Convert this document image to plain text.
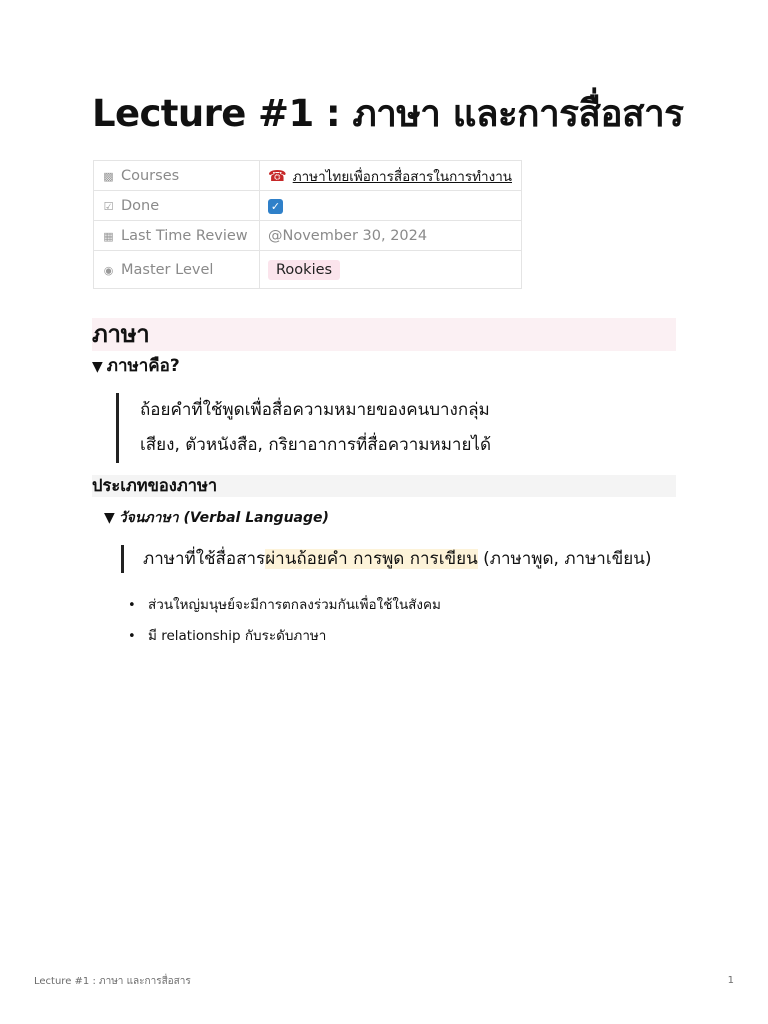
Lecture #1 : ภาษา และการสื่อสาร
▩ Courses	☎ ภาษาไทยเพื่อการสื่อสารในการทำงาน
☑ Done	✓
▦ Last Time Review	@November 30, 2024
◉ Master Level	Rookies
ภาษา
▼ ภาษาคือ?
ถ้อยคำที่ใช้พูดเพื่อสื่อความหมายของคนบางกลุ่ม
เสียง, ตัวหนังสือ, กริยาอาการที่สื่อความหมายได้
ประเภทของภาษา
▼ วัจนภาษา (Verbal Language)
ภาษาที่ใช้สื่อสารผ่านถ้อยคำ การพูด การเขียน (ภาษาพูด, ภาษาเขียน)
• ส่วนใหญ่มนุษย์จะมีการตกลงร่วมกันเพื่อใช้ในสังคม
• มี relationship กับระดับภาษา
Lecture #1 : ภาษา และการสื่อสาร	1
